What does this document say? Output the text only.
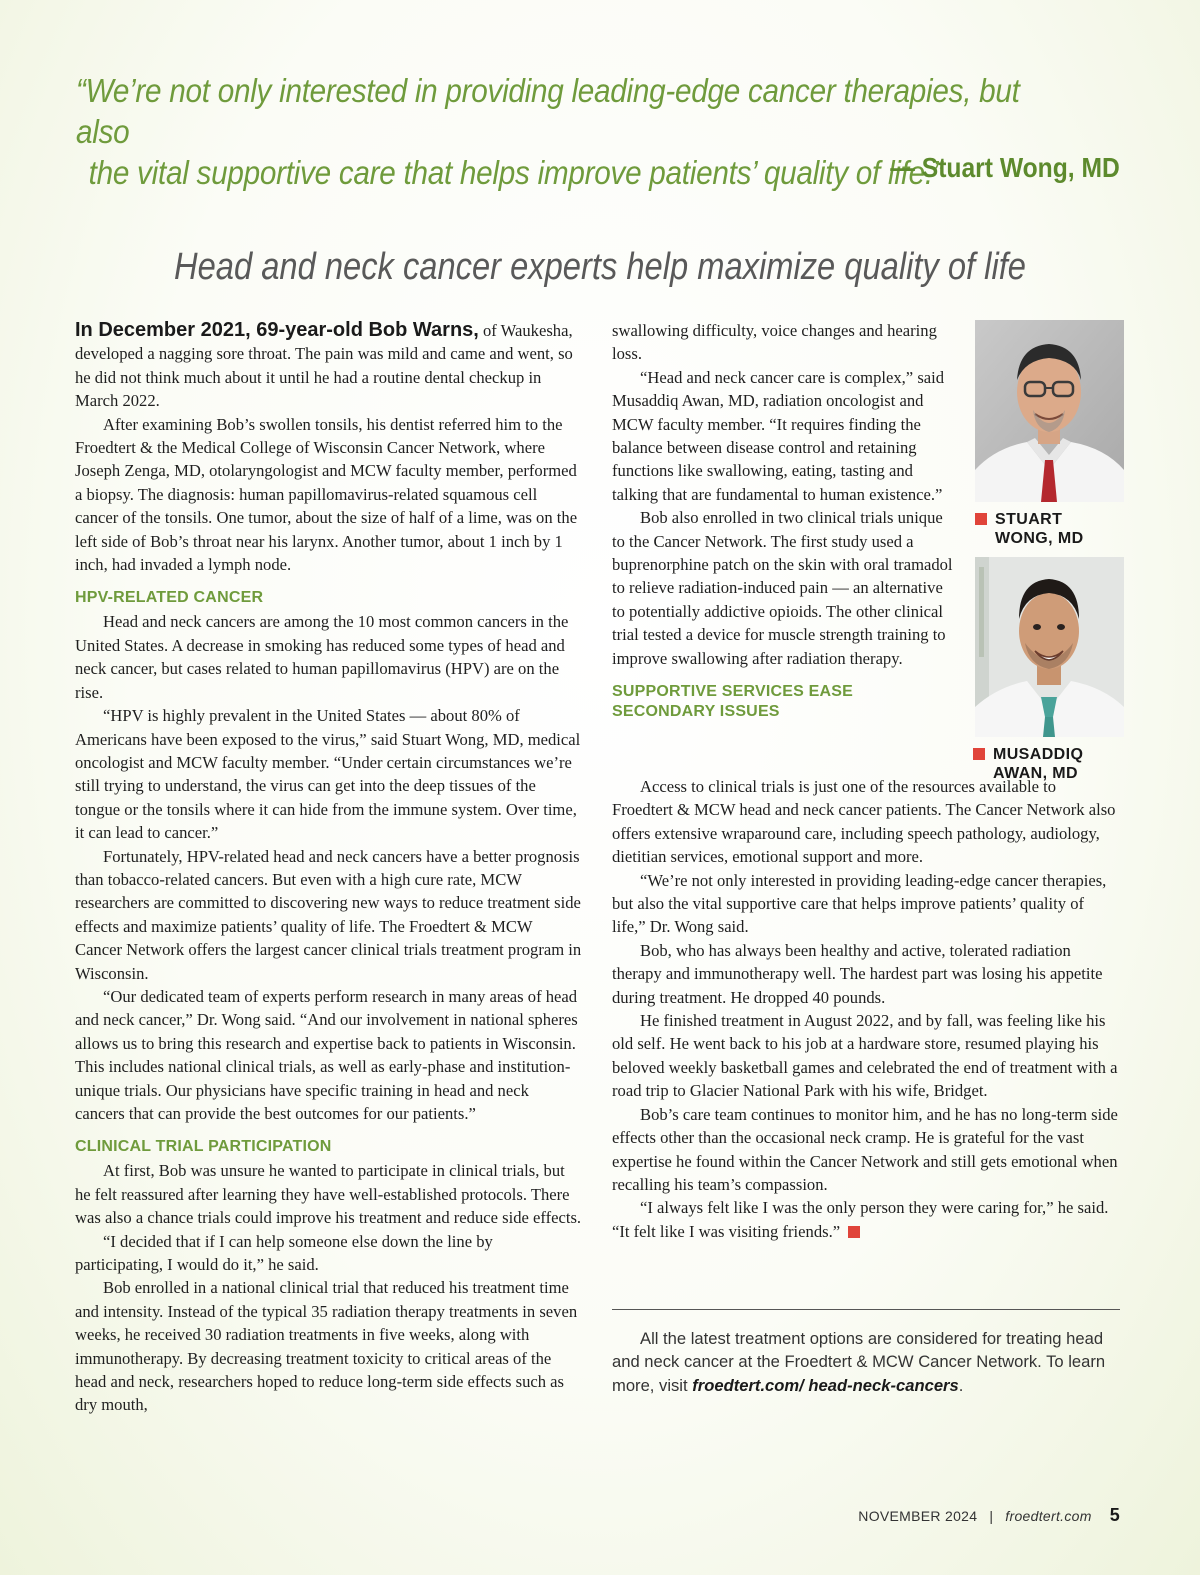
“We’re not only interested in providing leading-edge cancer therapies, but also
the vital supportive care that helps improve patients’ quality of life.”
— Stuart Wong, MD
Head and neck cancer experts help maximize quality of life

In December 2021, 69-year-old Bob Warns, of Waukesha, developed a nagging sore throat. The pain was mild and came and went, so he did not think much about it until he had a routine dental checkup in March 2022.

After examining Bob’s swollen tonsils, his dentist referred him to the Froedtert & the Medical College of Wisconsin Cancer Network, where Joseph Zenga, MD, otolaryngologist and MCW faculty member, performed a biopsy. The diagnosis: human papillomavirus-related squamous cell cancer of the tonsils. One tumor, about the size of half of a lime, was on the left side of Bob’s throat near his larynx. Another tumor, about 1 inch by 1 inch, had invaded a lymph node.

HPV-RELATED CANCER

Head and neck cancers are among the 10 most common cancers in the United States. A decrease in smoking has reduced some types of head and neck cancer, but cases related to human papillomavirus (HPV) are on the rise.

“HPV is highly prevalent in the United States — about 80% of Americans have been exposed to the virus,” said Stuart Wong, MD, medical oncologist and MCW faculty member. “Under certain circumstances we’re still trying to understand, the virus can get into the deep tissues of the tongue or the tonsils where it can hide from the immune system. Over time, it can lead to cancer.”

Fortunately, HPV-related head and neck cancers have a better prognosis than tobacco-related cancers. But even with a high cure rate, MCW researchers are committed to discovering new ways to reduce treatment side effects and maximize patients’ quality of life. The Froedtert & MCW Cancer Network offers the largest cancer clinical trials treatment program in Wisconsin.

“Our dedicated team of experts perform research in many areas of head and neck cancer,” Dr. Wong said. “And our involvement in national spheres allows us to bring this research and expertise back to patients in Wisconsin. This includes national clinical trials, as well as early-phase and institution-unique trials. Our physicians have specific training in head and neck cancers that can provide the best outcomes for our patients.”

CLINICAL TRIAL PARTICIPATION

At first, Bob was unsure he wanted to participate in clinical trials, but he felt reassured after learning they have well-established protocols. There was also a chance trials could improve his treatment and reduce side effects.

“I decided that if I can help someone else down the line by participating, I would do it,” he said.

Bob enrolled in a national clinical trial that reduced his treatment time and intensity. Instead of the typical 35 radiation therapy treatments in seven weeks, he received 30 radiation treatments in five weeks, along with immunotherapy. By decreasing treatment toxicity to critical areas of the head and neck, researchers hoped to reduce long-term side effects such as dry mouth,

swallowing difficulty, voice changes and hearing loss.

“Head and neck cancer care is complex,” said Musaddiq Awan, MD, radiation oncologist and MCW faculty member. “It requires finding the balance between disease control and retaining functions like swallowing, eating, tasting and talking that are fundamental to human existence.”

Bob also enrolled in two clinical trials unique to the Cancer Network. The first study used a buprenorphine patch on the skin with oral tramadol to relieve radiation-induced pain — an alternative to potentially addictive opioids. The other clinical trial tested a device for muscle strength training to improve swallowing after radiation therapy.

SUPPORTIVE SERVICES EASE SECONDARY ISSUES

Access to clinical trials is just one of the resources available to Froedtert & MCW head and neck cancer patients. The Cancer Network also offers extensive wraparound care, including speech pathology, audiology, dietitian services, emotional support and more.

“We’re not only interested in providing leading-edge cancer therapies, but also the vital supportive care that helps improve patients’ quality of life,” Dr. Wong said.

Bob, who has always been healthy and active, tolerated radiation therapy and immunotherapy well. The hardest part was losing his appetite during treatment. He dropped 40 pounds.

He finished treatment in August 2022, and by fall, was feeling like his old self. He went back to his job at a hardware store, resumed playing his beloved weekly basketball games and celebrated the end of treatment with a road trip to Glacier National Park with his wife, Bridget.

Bob’s care team continues to monitor him, and he has no long-term side effects other than the occasional neck cramp. He is grateful for the vast expertise he found within the Cancer Network and still gets emotional when recalling his team’s compassion.

“I always felt like I was the only person they were caring for,” he said. “It felt like I was visiting friends.”

STUART
WONG, MD
MUSADDIQ
AWAN, MD
All the latest treatment options are considered for treating head and neck cancer at the Froedtert & MCW Cancer Network. To learn more, visit froedtert.com/ head-neck-cancers.
NOVEMBER 2024 | froedtert.com 5
